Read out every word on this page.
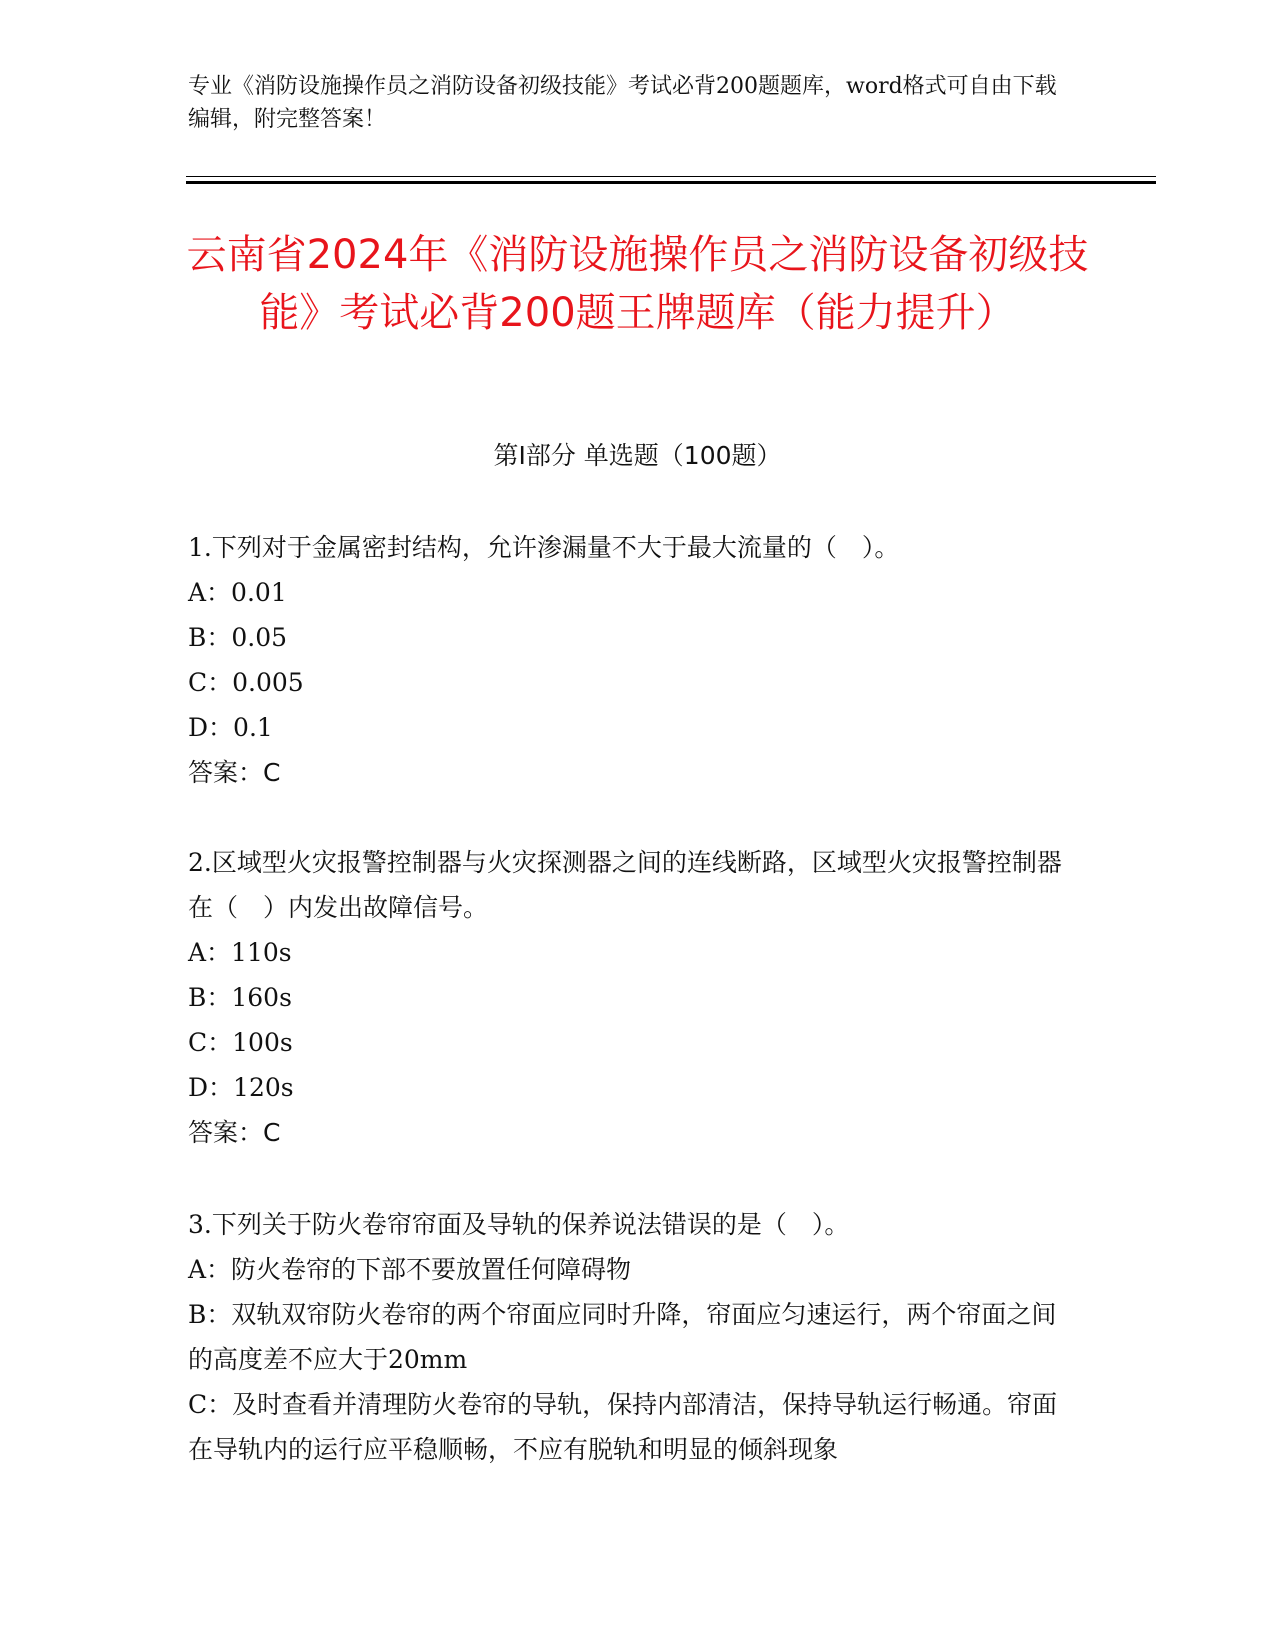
专业《消防设施操作员之消防设备初级技能》考试必背200题题库，word格式可自由下载编辑，附完整答案！
云南省2024年《消防设施操作员之消防设备初级技能》考试必背200题王牌题库（能力提升）
第I部分 单选题（100题）

1.下列对于金属密封结构，允许渗漏量不大于最大流量的（　）。

A：0.01

B：0.05

C：0.005

D：0.1

答案：C

2.区域型火灾报警控制器与火灾探测器之间的连线断路，区域型火灾报警控制器在（　）内发出故障信号。

A：110s

B：160s

C：100s

D：120s

答案：C

3.下列关于防火卷帘帘面及导轨的保养说法错误的是（　）。

A：防火卷帘的下部不要放置任何障碍物

B：双轨双帘防火卷帘的两个帘面应同时升降，帘面应匀速运行，两个帘面之间的高度差不应大于20mm

C：及时查看并清理防火卷帘的导轨，保持内部清洁，保持导轨运行畅通。帘面在导轨内的运行应平稳顺畅，不应有脱轨和明显的倾斜现象
